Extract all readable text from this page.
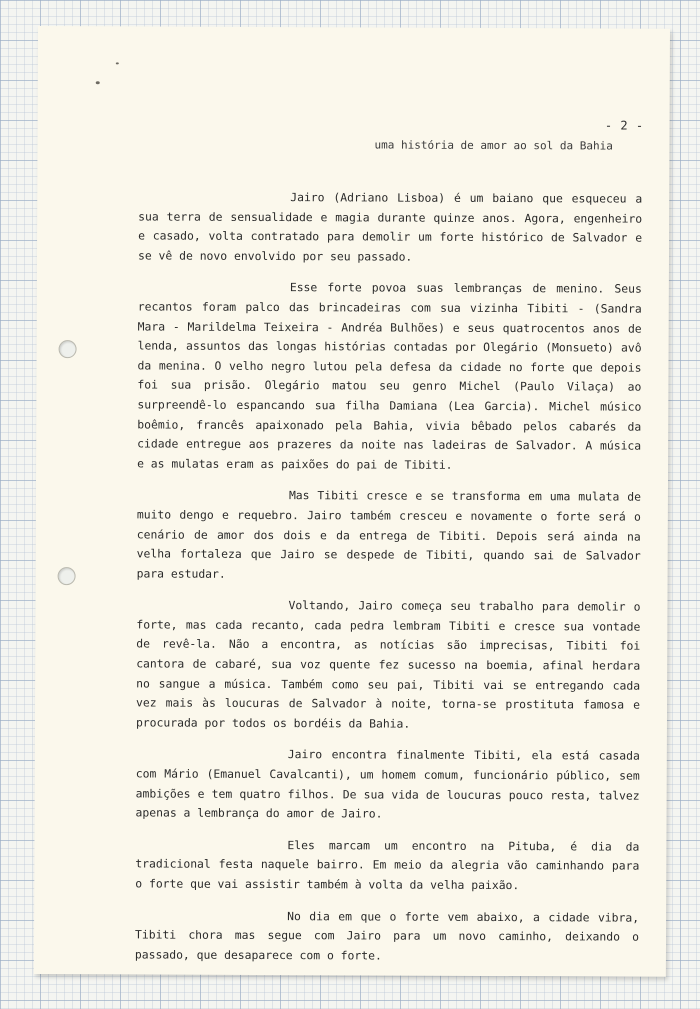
- 2 -
uma história de amor ao sol da Bahia

Jairo (Adriano Lisboa) é um baiano que esqueceu a sua terra de sensualidade e magia durante quinze anos. Agora, engenheiro e casado, volta contratado para demolir um forte histórico de Salvador e se vê de novo envolvido por seu passado.

Esse forte povoa suas lembranças de menino. Seus recantos foram palco das brincadeiras com sua vizinha Tibiti - (Sandra Mara - Marildelma Teixeira - Andréa Bulhões) e seus quatrocentos anos de lenda, assuntos das longas histórias contadas por Olegário (Monsueto) avô da menina. O velho negro lutou pela defesa da cidade no forte que depois foi sua prisão. Olegário matou seu genro Michel (Paulo Vilaça) ao surpreendê-lo espancando sua filha Damiana (Lea Garcia). Michel músico boêmio, francês apaixonado pela Bahia, vivia bêbado pelos cabarés da cidade entregue aos prazeres da noite nas ladeiras de Salvador. A música e as mulatas eram as paixões do pai de Tibiti.

Mas Tibiti cresce e se transforma em uma mulata de muito dengo e requebro. Jairo também cresceu e novamente o forte será o cenário de amor dos dois e da entrega de Tibiti. Depois será ainda na velha fortaleza que Jairo se despede de Tibiti, quando sai de Salvador para estudar.

Voltando, Jairo começa seu trabalho para demolir o forte, mas cada recanto, cada pedra lembram Tibiti e cresce sua vontade de revê-la. Não a encontra, as notícias são imprecisas, Tibiti foi cantora de cabaré, sua voz quente fez sucesso na boemia, afinal herdara no sangue a música. Também como seu pai, Tibiti vai se entregando cada vez mais às loucuras de Salvador à noite, torna-se prostituta famosa e procurada por todos os bordéis da Bahia.

Jairo encontra finalmente Tibiti, ela está casada com Mário (Emanuel Cavalcanti), um homem comum, funcionário público, sem ambições e tem quatro filhos. De sua vida de loucuras pouco resta, talvez apenas a lembrança do amor de Jairo.

Eles marcam um encontro na Pituba, é dia da tradicional festa naquele bairro. Em meio da alegria vão caminhando para o forte que vai assistir também à volta da velha paixão.

No dia em que o forte vem abaixo, a cidade vibra, Tibiti chora mas segue com Jairo para um novo caminho, deixando o passado, que desaparece com o forte.
